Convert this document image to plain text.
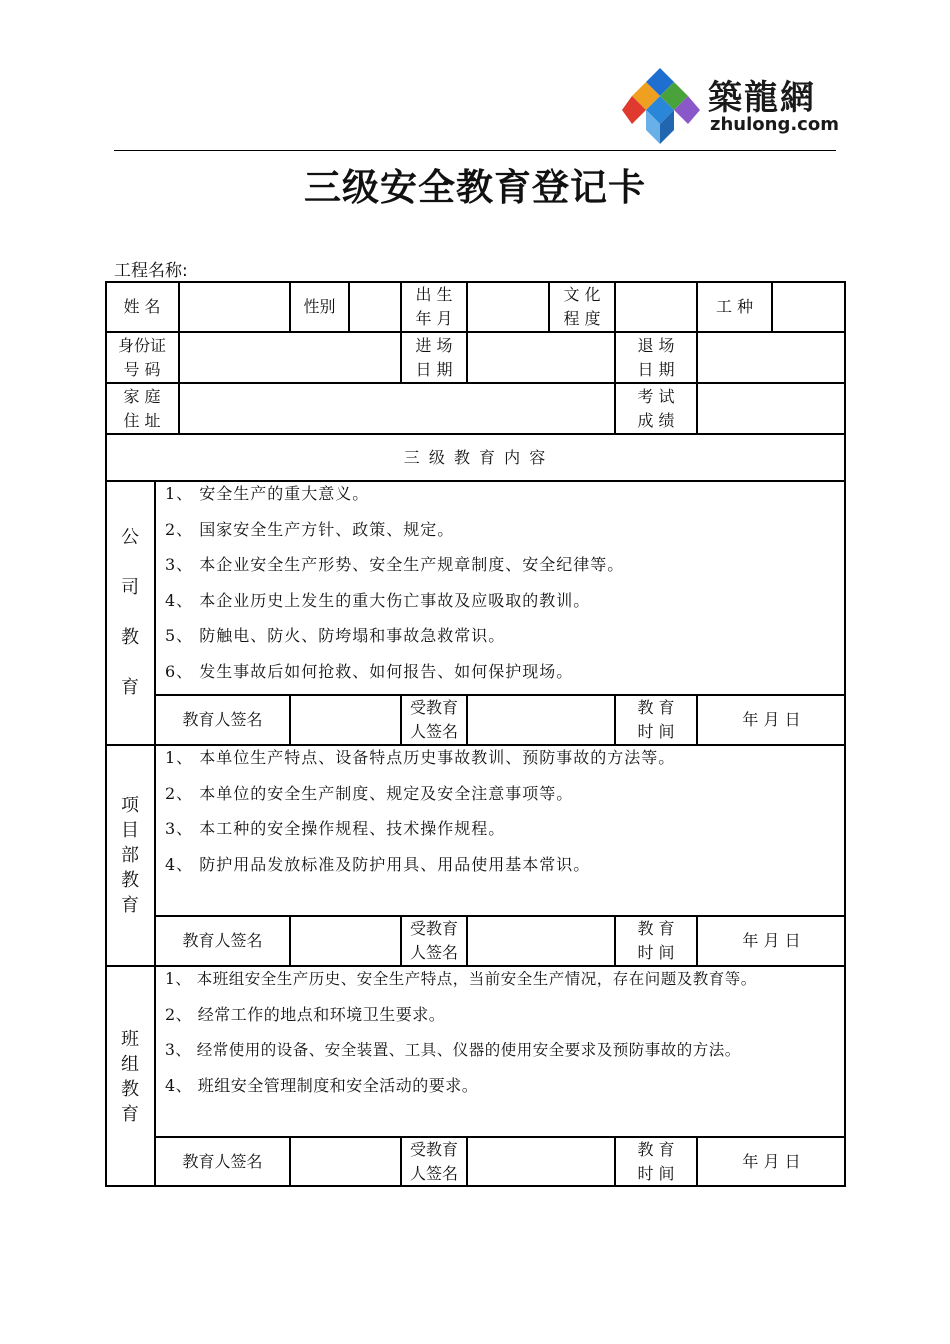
築龍網
zhulong.com
三级安全教育登记卡
工程名称:
姓 名	性别
出 生
年 月
文 化
程 度
工 种
身份证
号 码
进 场
日 期
退 场
日 期
家 庭
住 址
考 试
成 绩
三 级 教 育 内 容
公
司
教
育
1、 安全生产的重大意义。
2、 国家安全生产方针、政策、规定。
3、 本企业安全生产形势、安全生产规章制度、安全纪律等。
4、 本企业历史上发生的重大伤亡事故及应吸取的教训。
5、 防触电、防火、防垮塌和事故急救常识。
6、 发生事故后如何抢救、如何报告、如何保护现场。
教育人签名
受教育
人签名
教 育
时 间
年 月 日
项
目
部
教
育
1、 本单位生产特点、设备特点历史事故教训、预防事故的方法等。
2、 本单位的安全生产制度、规定及安全注意事项等。
3、 本工种的安全操作规程、技术操作规程。
4、 防护用品发放标准及防护用具、用品使用基本常识。
教育人签名
受教育
人签名
教 育
时 间
年 月 日
班
组
教
育
1、 本班组安全生产历史、安全生产特点，当前安全生产情况，存在问题及教育等。
2、 经常工作的地点和环境卫生要求。
3、 经常使用的设备、安全装置、工具、仪器的使用安全要求及预防事故的方法。
4、 班组安全管理制度和安全活动的要求。
教育人签名
受教育
人签名
教 育
时 间
年 月 日
